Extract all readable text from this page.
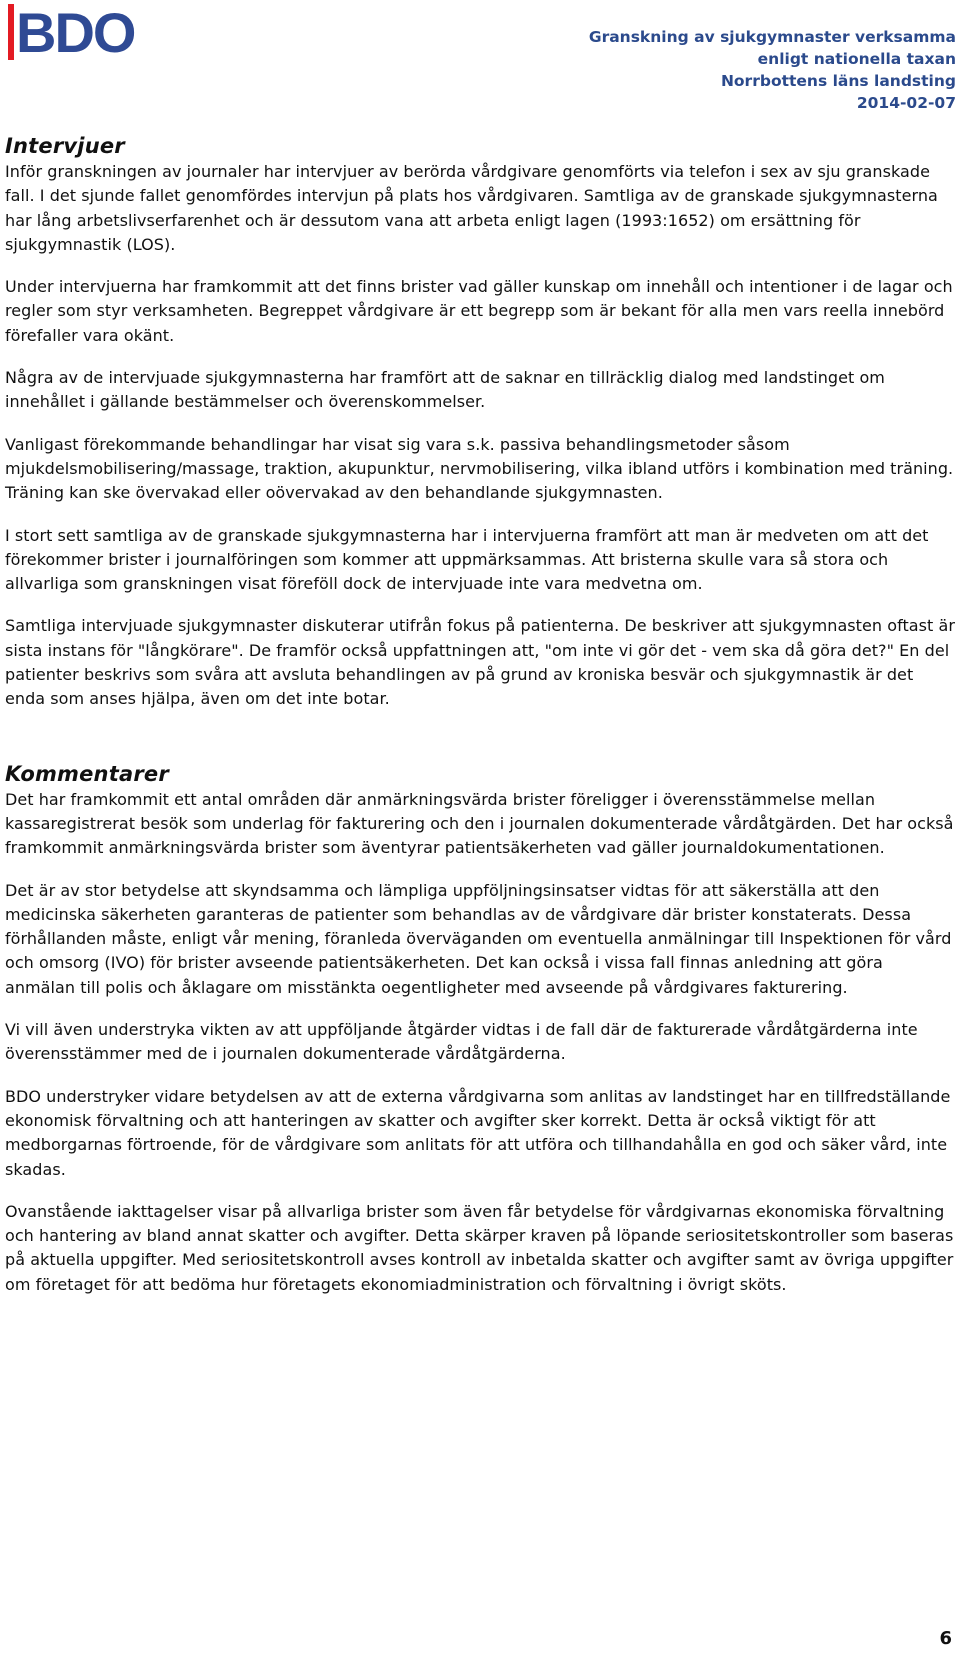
BDO	Granskning av sjukgymnaster verksamma
enligt nationella taxan
Norrbottens läns landsting
2014-02-07
Intervjuer

Inför granskningen av journaler har intervjuer av berörda vårdgivare genomförts via telefon i sex av sju granskade fall. I det sjunde fallet genomfördes intervjun på plats hos vårdgivaren. Samtliga av de granskade sjukgymnasterna har lång arbetslivserfarenhet och är dessutom vana att arbeta enligt lagen (1993:1652) om ersättning för sjukgymnastik (LOS).

Under intervjuerna har framkommit att det finns brister vad gäller kunskap om innehåll och intentioner i de lagar och regler som styr verksamheten. Begreppet vårdgivare är ett begrepp som är bekant för alla men vars reella innebörd förefaller vara okänt.

Några av de intervjuade sjukgymnasterna har framfört att de saknar en tillräcklig dialog med landstinget om innehållet i gällande bestämmelser och överenskommelser.

Vanligast förekommande behandlingar har visat sig vara s.k. passiva behandlingsmetoder såsom mjukdelsmobilisering/massage, traktion, akupunktur, nervmobilisering, vilka ibland utförs i kombination med träning. Träning kan ske övervakad eller oövervakad av den behandlande sjukgymnasten.

I stort sett samtliga av de granskade sjukgymnasterna har i intervjuerna framfört att man är medveten om att det förekommer brister i journalföringen som kommer att uppmärksammas. Att bristerna skulle vara så stora och allvarliga som granskningen visat föreföll dock de intervjuade inte vara medvetna om.

Samtliga intervjuade sjukgymnaster diskuterar utifrån fokus på patienterna. De beskriver att sjukgymnasten oftast är sista instans för "långkörare". De framför också uppfattningen att, "om inte vi gör det - vem ska då göra det?" En del patienter beskrivs som svåra att avsluta behandlingen av på grund av kroniska besvär och sjukgymnastik är det enda som anses hjälpa, även om det inte botar.

Kommentarer

Det har framkommit ett antal områden där anmärkningsvärda brister föreligger i överensstämmelse mellan kassaregistrerat besök som underlag för fakturering och den i journalen dokumenterade vårdåtgärden. Det har också framkommit anmärkningsvärda brister som äventyrar patientsäkerheten vad gäller journaldokumentationen.

Det är av stor betydelse att skyndsamma och lämpliga uppföljningsinsatser vidtas för att säkerställa att den medicinska säkerheten garanteras de patienter som behandlas av de vårdgivare där brister konstaterats. Dessa förhållanden måste, enligt vår mening, föranleda överväganden om eventuella anmälningar till Inspektionen för vård och omsorg (IVO) för brister avseende patientsäkerheten. Det kan också i vissa fall finnas anledning att göra anmälan till polis och åklagare om misstänkta oegentligheter med avseende på vårdgivares fakturering.

Vi vill även understryka vikten av att uppföljande åtgärder vidtas i de fall där de fakturerade vårdåtgärderna inte överensstämmer med de i journalen dokumenterade vårdåtgärderna.

BDO understryker vidare betydelsen av att de externa vårdgivarna som anlitas av landstinget har en tillfredställande ekonomisk förvaltning och att hanteringen av skatter och avgifter sker korrekt. Detta är också viktigt för att medborgarnas förtroende, för de vårdgivare som anlitats för att utföra och tillhandahålla en god och säker vård, inte skadas.

Ovanstående iakttagelser visar på allvarliga brister som även får betydelse för vårdgivarnas ekonomiska förvaltning och hantering av bland annat skatter och avgifter. Detta skärper kraven på löpande seriositetskontroller som baseras på aktuella uppgifter. Med seriositetskontroll avses kontroll av inbetalda skatter och avgifter samt av övriga uppgifter om företaget för att bedöma hur företagets ekonomiadministration och förvaltning i övrigt sköts.

6
